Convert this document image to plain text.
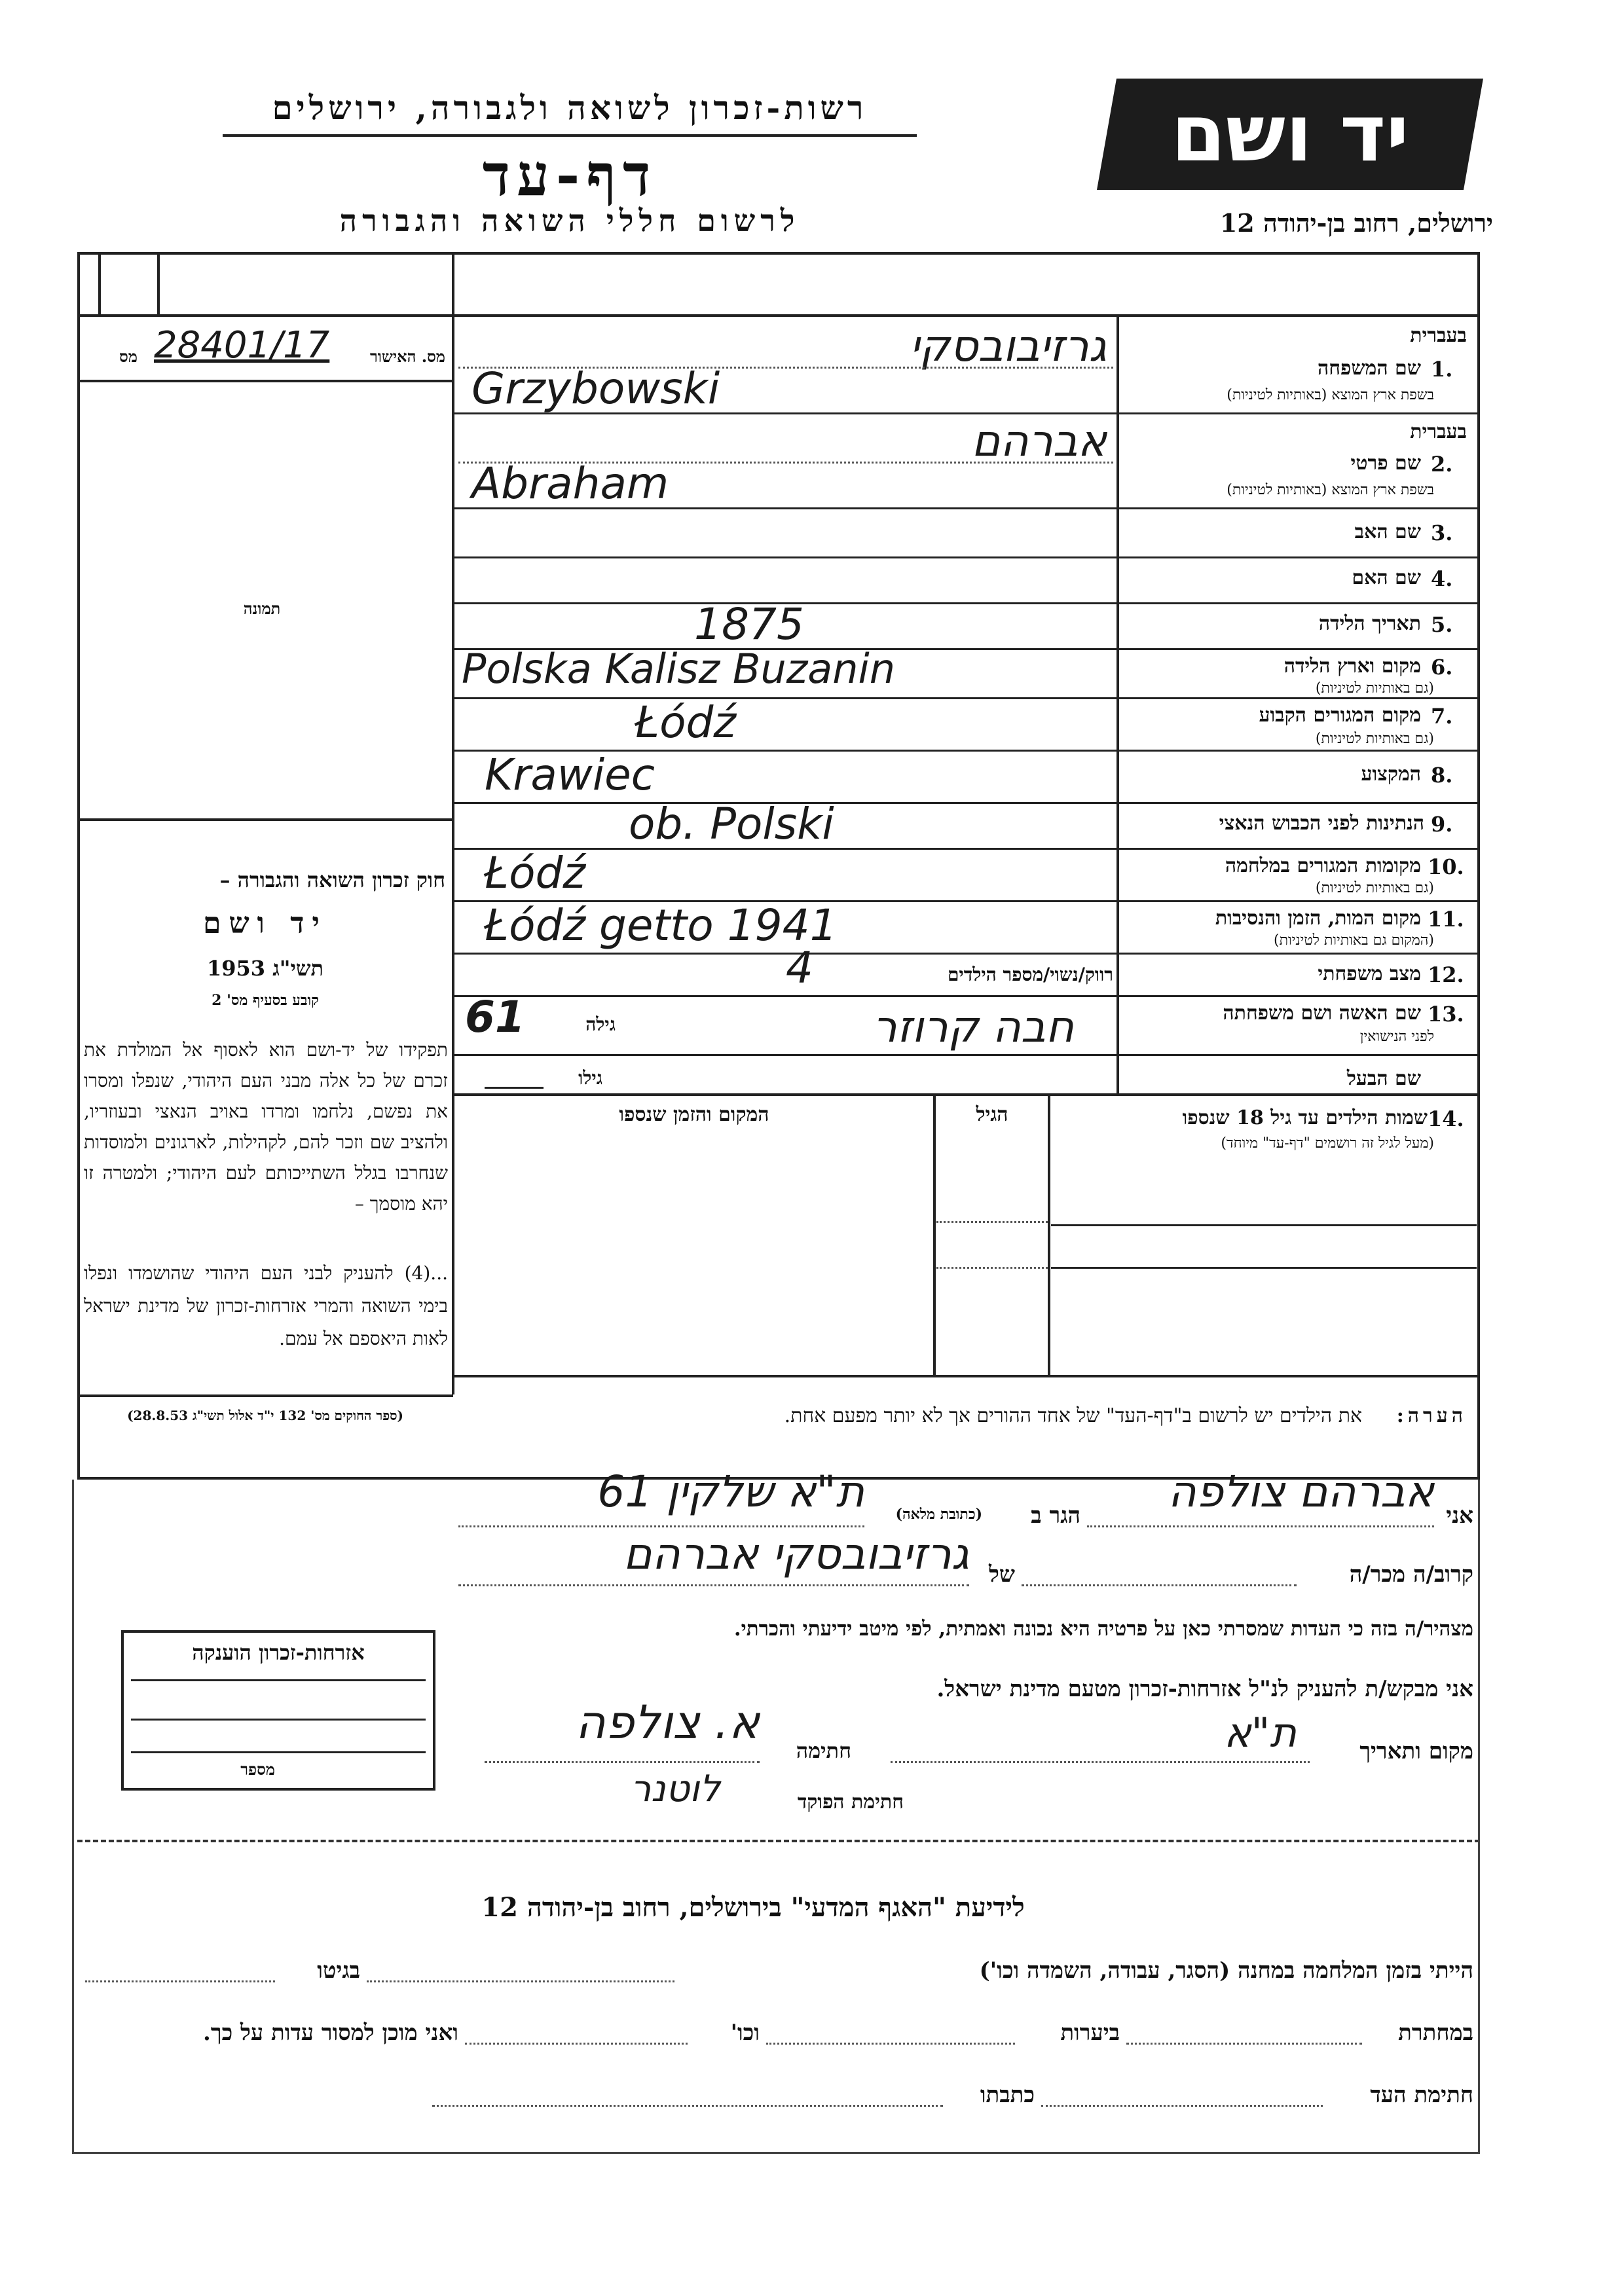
יד ושם
רשות-זכרון לשואה ולגבורה, ירושלים
דף-עד
לרשום חללי השואה והגבורה	ירושלים, רחוב בן-יהודה 12
מס 28401/17	מס. האישור
תמונה
חוק זכרון השואה והגבורה –
יד ושם
תשי"ג 1953
קובע בסעיף מס' 2
תפקידו של יד-ושם הוא לאסוף אל המולדת את זכרם של כל אלה מבני העם היהודי, שנפלו ומסרו את נפשם, נלחמו ומרדו באויב הנאצי ובעוזריו, ולהציב שם וזכר להם, לקהילות, לארגונים ולמוסדות שנחרבו בגלל השתייכותם לעם היהודי; ולמטרה זו יהא מוסמך –
...(4) להעניק לבני העם היהודי שהושמדו ונפלו בימי השואה והמרי אזרחות-זכרון של מדינת ישראל לאות היאספם אל עמם.
(ספר החוקים מס' 132 י"ד אלול תשי"ג 28.8.53)
בעברית
1.
שם המשפחה
בשפת ארץ המוצא (באותיות לטיניות)
גרזיבובסקי
Grzybowski
בעברית
2.
שם פרטי
בשפת ארץ המוצא (באותיות לטיניות)
אברהם
Abraham
3.
שם האב
4.
שם האם
5.
תאריך הלידה
1875
6.
מקום וארץ הלידה
(גם באותיות לטיניות)
Polska Kalisz Buzanin
7.
מקום המגורים הקבוע
(גם באותיות לטיניות)
Łódź
8.
המקצוע
Krawiec
9.
הנתינות לפני הכבוש הנאצי
ob. Polski
10.
מקומות המגורים במלחמה
(גם באותיות לטיניות)
Łódź
11.
מקום המות, הזמן והנסיבות
(המקום גם באותיות לטיניות)
Łódź getto 1941
12.
מצב משפחתי
רווק/נשוי/מספר הילדים
4
13.
שם האשה ושם משפחתה
לפני הנישואין
חבה קרוזר
גילה
61
שם הבעל
גילו
14.
שמות הילדים עד גיל 18 שנספו
(מעל לגיל זה רושמים "דף-עד" מיוחד)
הגיל
המקום והזמן שנספו
הערה:
את הילדים יש לרשום ב"דף-העד" של אחד ההורים אך לא יותר מפעם אחת.
אני
אברהם צולפה
הגר ב
(כתובת מלאה)
ת"א שלקין 61
קרוב/ה מכר/ה
של
גרזיבובסקי אברהם
מצהיר/ה בזה כי העדות שמסרתי כאן על פרטיה היא נכונה ואמתית, לפי מיטב ידיעתי והכרתי.
אני מבקש/ת להעניק לנ"ל אזרחות-זכרון מטעם מדינת ישראל.
מקום ותאריך
ת"א
חתימה
א. צולפה
חתימת הפוקד
לוטנר
אזרחות-זכרון הוענקה
מספר
לידיעת "האגף המדעי" בירושלים, רחוב בן-יהודה 12
הייתי בזמן המלחמה במחנה (הסגר, עבודה, השמדה וכו')
בגיטו
במחתרת
ביערות
וכו'
ואני מוכן למסור עדות על כך.
חתימת העד
כתבתו
